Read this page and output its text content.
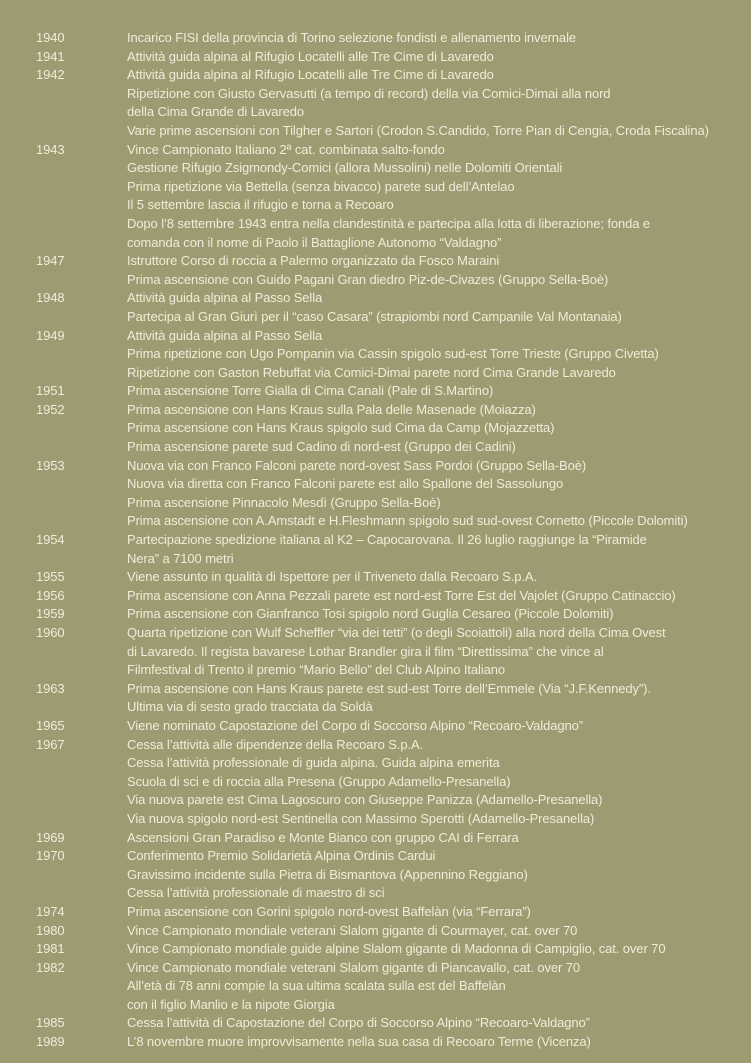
1940	Incarico FISI della provincia di Torino selezione fondisti e allenamento invernale
1941	Attività guida alpina al Rifugio Locatelli alle Tre Cime di Lavaredo
1942	Attività guida alpina al Rifugio Locatelli alle Tre Cime di Lavaredo
Ripetizione con Giusto Gervasutti (a tempo di record) della via Comici-Dimai alla nord
della Cima Grande di Lavaredo
Varie prime ascensioni con Tilgher e Sartori (Crodon S.Candido, Torre Pian di Cengia, Croda Fiscalina)
1943	Vince Campionato Italiano 2ª cat. combinata salto-fondo
Gestione Rifugio Zsigmondy-Comici (allora Mussolini) nelle Dolomiti Orientali
Prima ripetizione via Bettella (senza bivacco) parete sud dell’Antelao
Il 5 settembre lascia il rifugio e torna a Recoaro
Dopo l’8 settembre 1943 entra nella clandestinità e partecipa alla lotta di liberazione; fonda e
comanda con il nome di Paolo il Battaglione Autonomo “Valdagno”
1947	Istruttore Corso di roccia a Palermo organizzato da Fosco Maraini
Prima ascensione con Guido Pagani Gran diedro Piz-de-Civazes (Gruppo Sella-Boè)
1948	Attività guida alpina al Passo Sella
Partecipa al Gran Giurì per il “caso Casara” (strapiombi nord Campanile Val Montanaia)
1949	Attività guida alpina al Passo Sella
Prima ripetizione con Ugo Pompanin via Cassin spigolo sud-est Torre Trieste (Gruppo Civetta)
Ripetizione con Gaston Rebuffat via Comici-Dimai parete nord Cima Grande Lavaredo
1951	Prima ascensione Torre Gialla di Cima Canali (Pale di S.Martino)
1952	Prima ascensione con Hans Kraus sulla Pala delle Masenade (Moiazza)
Prima ascensione con Hans Kraus spigolo sud Cima da Camp (Mojazzetta)
Prima ascensione parete sud Cadino di nord-est (Gruppo dei Cadini)
1953	Nuova via con Franco Falconi parete nord-ovest Sass Pordoi (Gruppo Sella-Boè)
Nuova via diretta con Franco Falconi parete est allo Spallone del Sassolungo
Prima ascensione Pinnacolo Mesdì (Gruppo Sella-Boè)
Prima ascensione con A.Amstadt e H.Fleshmann spigolo sud sud-ovest Cornetto (Piccole Dolomiti)
1954	Partecipazione spedizione italiana al K2 – Capocarovana. Il 26 luglio raggiunge la “Piramide
Nera” a 7100 metri
1955	Viene assunto in qualità di Ispettore per il Triveneto dalla Recoaro S.p.A.
1956	Prima ascensione con Anna Pezzali parete est nord-est Torre Est del Vajolet (Gruppo Catinaccio)
1959	Prima ascensione con Gianfranco Tosi spigolo nord Guglia Cesareo (Piccole Dolomiti)
1960	Quarta ripetizione con Wulf Scheffler “via dei tetti” (o degli Scoiattoli) alla nord della Cima Ovest
di Lavaredo. Il regista bavarese Lothar Brandler gira il film “Direttissima” che vince al
Filmfestival di Trento il premio “Mario Bello” del Club Alpino Italiano
1963	Prima ascensione con Hans Kraus parete est sud-est Torre dell’Emmele (Via “J.F.Kennedy”).
Ultima via di sesto grado tracciata da Soldà
1965	Viene nominato Capostazione del Corpo di Soccorso Alpino “Recoaro-Valdagno”
1967	Cessa l’attività alle dipendenze della Recoaro S.p.A.
Cessa l’attività professionale di guida alpina. Guida alpina emerita
Scuola di sci e di roccia alla Presena (Gruppo Adamello-Presanella)
Via nuova parete est Cima Lagoscuro con Giuseppe Panizza (Adamello-Presanella)
Via nuova spigolo nord-est Sentinella con Massimo Sperotti (Adamello-Presanella)
1969	Ascensioni Gran Paradiso e Monte Bianco con gruppo CAI di Ferrara
1970	Conferimento Premio Solidarietà Alpina Ordinis Cardui
Gravissimo incidente sulla Pietra di Bismantova (Appennino Reggiano)
Cessa l’attività professionale di maestro di sci
1974	Prima ascensione con Gorini spigolo nord-ovest Baffelàn (via “Ferrara”)
1980	Vince Campionato mondiale veterani Slalom gigante di Courmayer, cat. over 70
1981	Vince Campionato mondiale guide alpine Slalom gigante di Madonna di Campiglio, cat. over 70
1982	Vince Campionato mondiale veterani Slalom gigante di Piancavallo, cat. over 70
All’età di 78 anni compie la sua ultima scalata sulla est del Baffelàn
con il figlio Manlio e la nipote Giorgia
1985	Cessa l’attività di Capostazione del Corpo di Soccorso Alpino “Recoaro-Valdagno”
1989	L’8 novembre muore improvvisamente nella sua casa di Recoaro Terme (Vicenza)
